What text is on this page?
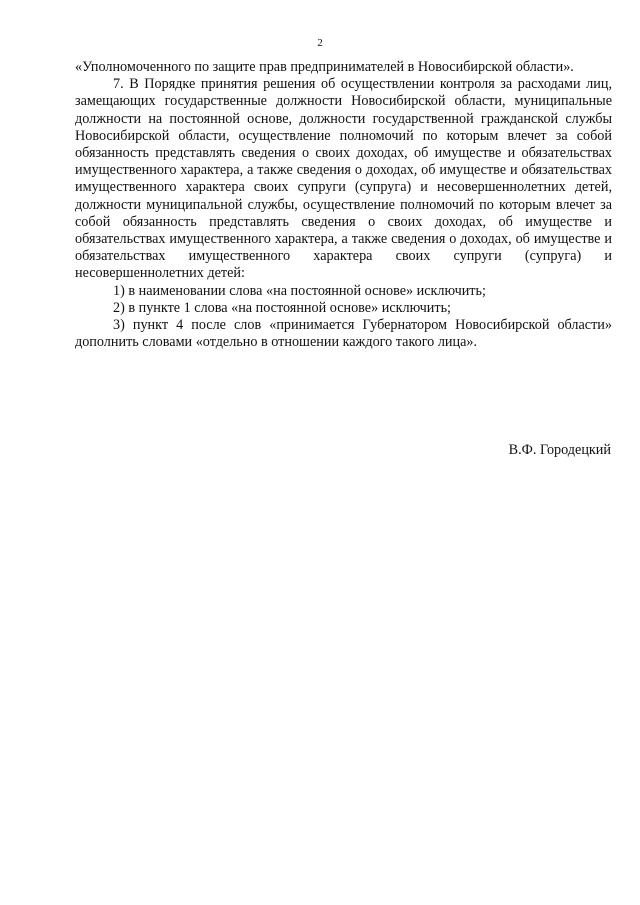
2

«Уполномоченного по защите прав предпринимателей в Новосибирской области».

7. В Порядке принятия решения об осуществлении контроля за расходами лиц, замещающих государственные должности Новосибирской области, муниципальные должности на постоянной основе, должности государственной гражданской службы Новосибирской области, осуществление полномочий по которым влечет за собой обязанность представлять сведения о своих доходах, об имуществе и обязательствах имущественного характера, а также сведения о доходах, об имуществе и обязательствах имущественного характера своих супруги (супруга) и несовершеннолетних детей, должности муниципальной службы, осуществление полномочий по которым влечет за собой обязанность представлять сведения о своих доходах, об имуществе и обязательствах имущественного характера, а также сведения о доходах, об имуществе и обязательствах имущественного характера своих супруги (супруга) и несовершеннолетних детей:

1) в наименовании слова «на постоянной основе» исключить;

2) в пункте 1 слова «на постоянной основе» исключить;

3) пункт 4 после слов «принимается Губернатором Новосибирской области» дополнить словами «отдельно в отношении каждого такого лица».

В.Ф. Городецкий
